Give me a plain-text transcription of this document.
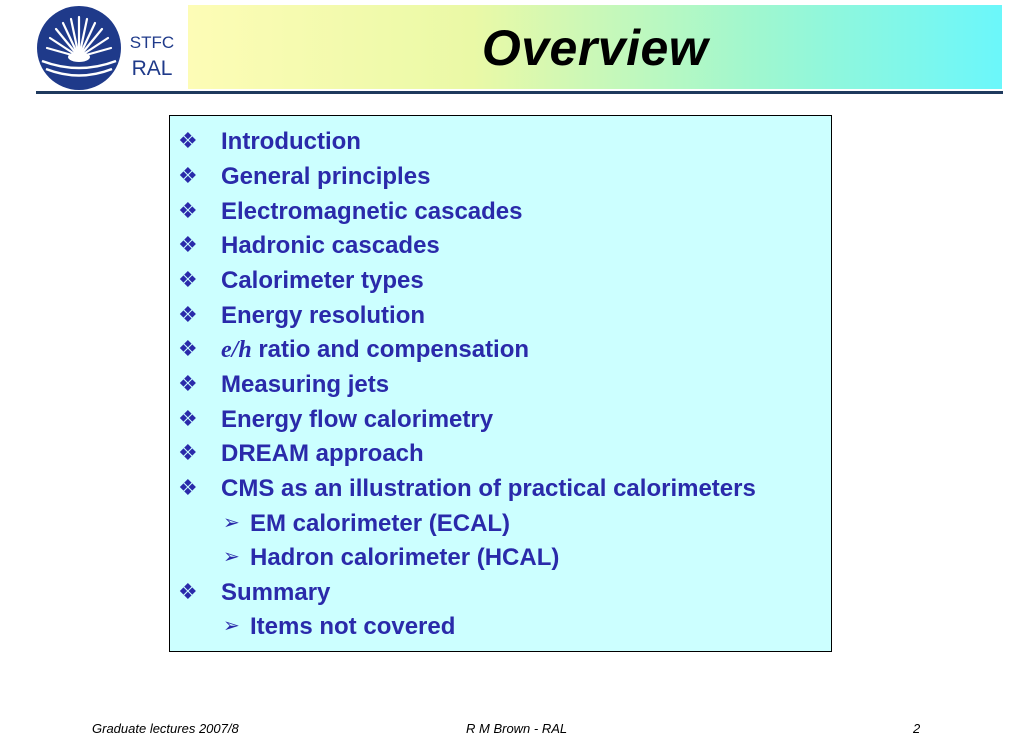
STFC
RAL	Overview
❖ Introduction
❖ General principles
❖ Electromagnetic cascades
❖ Hadronic cascades
❖ Calorimeter types
❖ Energy resolution
❖ e/h ratio and compensation
❖ Measuring jets
❖ Energy flow calorimetry
❖ DREAM approach
❖ CMS as an illustration of practical calorimeters
➢ EM calorimeter (ECAL)
➢ Hadron calorimeter (HCAL)
❖ Summary
➢ Items not covered
Graduate lectures 2007/8	R M Brown - RAL	2
